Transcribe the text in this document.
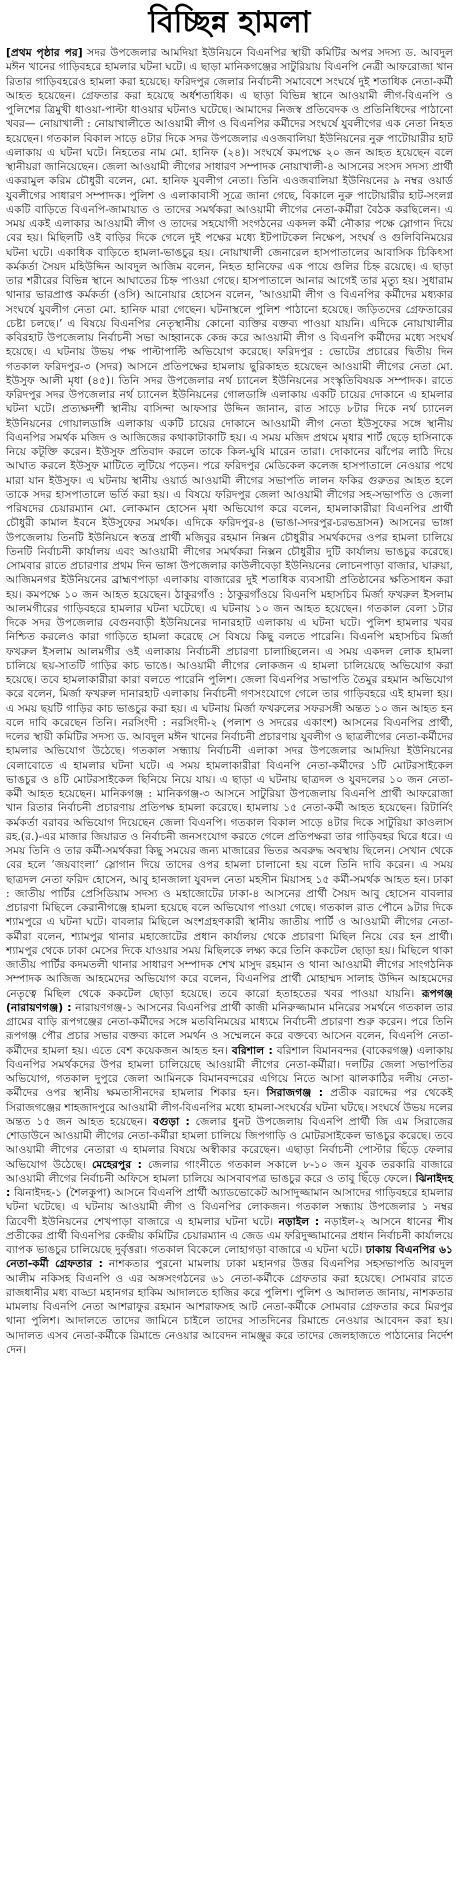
বিচ্ছিন্ন হামলা
[প্রথম পৃষ্ঠার পর] সদর উপজেলার আমদিয়া ইউনিয়নে বিএনপির স্থায়ী কমিটির অপর সদস্য ড. আবদুল মঈন খানের গাড়িবহরে হামলার ঘটনা ঘটে। এ ছাড়া মানিকগঞ্জের সাটুরিয়ায় বিএনপি নেত্রী আফরোজা খান রিতার গাড়িবহরেও হামলা করা হয়েছে। ফরিদপুর জেলার নির্বাচনী সমাবেশে সংঘর্ষে দুই শতাধিক নেতা-কর্মী আহত হয়েছেন। গ্রেফতার করা হয়েছে অর্ধশতাধিক। এ ছাড়া বিভিন্ন স্থানে আওয়ামী লীগ-বিএনপি ও পুলিশের ত্রিমুখী ধাওয়া-পাল্টা ধাওয়ার ঘটনাও ঘটেছে। আমাদের নিজস্ব প্রতিবেদক ও প্রতিনিধিদের পাঠানো খবর— নোয়াখালী : নোয়াখালীতে আওয়ামী লীগ ও বিএনপির কর্মীদের সংঘর্ষে যুবলীগের এক নেতা নিহত হয়েছেন। গতকাল বিকাল সাড়ে ৪টার দিকে সদর উপজেলার এওজবালিয়া ইউনিয়নের নুরু পাটোয়ারীর হাট এলাকায় এ ঘটনা ঘটে। নিহতের নাম মো. হানিফ (২৪)। সংঘর্ষে কমপক্ষে ২০ জন আহত হয়েছেন বলে স্থানীয়রা জানিয়েছেন। জেলা আওয়ামী লীগের সাধারণ সম্পাদক নোয়াখালী-৪ আসনের সংসদ সদস্য প্রার্থী একরামুল করিম চৌধুরী বলেন, মো. হানিফ যুবলীগ নেতা। তিনি এওজবালিয়া ইউনিয়নের ৯ নম্বর ওয়ার্ড যুবলীগের সাধারণ সম্পাদক। পুলিশ ও এলাকাবাসী সূত্রে জানা গেছে, বিকালে নুরু পাটোয়ারীর হাট-সংলগ্ন একটি বাড়িতে বিএনপি-জামায়াত ও তাদের সমর্থকরা আওয়ামী লীগের নেতা-কর্মীরা বৈঠক করছিলেন। এ সময় একই এলাকার আওয়ামী লীগ ও তাদের সহযোগী সংগঠনের একদল কর্মী নৌকার পক্ষে স্লোগান দিয়ে বের হয়। মিছিলটি ওই বাড়ির দিকে গেলে দুই পক্ষের মধ্যে ইটপাটকেল নিক্ষেপ, সংঘর্ষ ও গুলিবিনিময়ের ঘটনা ঘটে। একাধিক বাড়িতে হামলা-ভাঙচুর হয়। নোয়াখালী জেনারেল হাসপাতালের আবাসিক চিকিৎসা কর্মকর্তা সৈয়দ মহিউদ্দিন আবদুল আজিম বলেন, নিহত হানিফের এক পায়ে গুলির চিহ্ন রয়েছে। এ ছাড়া তার শরীরের বিভিন্ন স্থানে আঘাতের চিহ্ন পাওয়া গেছে। হাসপাতালে আনার আগেই তার মৃত্যু হয়। সুধারাম থানার ভারপ্রাপ্ত কর্মকর্তা (ওসি) আনোয়ার হোসেন বলেন, ‘আওয়ামী লীগ ও বিএনপির কর্মীদের মধ্যকার সংঘর্ষে যুবলীগ নেতা মো. হানিফ মারা গেছেন। ঘটনাস্থলে পুলিশ পাঠানো হয়েছে। জড়িতদের গ্রেফতারের চেষ্টা চলছে।’ এ বিষয়ে বিএনপির নেতৃস্থানীয় কোনো ব্যক্তির বক্তব্য পাওয়া যায়নি। এদিকে নোয়াখালীর কবিরহাট উপজেলায় নির্বাচনী সভা আহ্বানকে কেন্দ্র করে আওয়ামী লীগ ও বিএনপি কর্মীদের মধ্যে সংঘর্ষ হয়েছে। এ ঘটনায় উভয় পক্ষ পাল্টাপাল্টি অভিযোগ করেছে। ফরিদপুর : ভোটের প্রচারের দ্বিতীয় দিন গতকাল ফরিদপুর-৩ (সদর) আসনে প্রতিপক্ষের হামলায় ছুরিকাহত হয়েছেন আওয়ামী লীগের নেতা মো. ইউসুফ আলী মৃধা (৪৫)। তিনি সদর উপজেলার নর্থ চ্যানেল ইউনিয়নের সংস্কৃতিবিষয়ক সম্পাদক। রাতে ফরিদপুর সদর উপজেলার নর্থ চ্যানেল ইউনিয়নের গোলডাঙ্গি এলাকায় একটি চায়ের দোকানে এ হামলার ঘটনা ঘটে। প্রত্যক্ষদর্শী স্থানীয় বাসিন্দা আফসার উদ্দিন জানান, রাত সাড়ে ৮টার দিকে নর্থ চ্যানেল ইউনিয়নের গোয়ালডাঙ্গি এলাকায় একটি চায়ের দোকানে আওয়ামী লীগ নেতা ইউসুফের সঙ্গে স্থানীয় বিএনপির সমর্থক মজিদ ও আজিজের কথাকাটাকাটি হয়। এ সময় মজিদ প্রথমে মৃধার শার্ট ছেড়ে হাসিনাকে নিয়ে কটূক্তি করেন। ইউসুফ প্রতিবাদ করলে তাকে কিল-ঘুষি মারেন তারা। দোকানের ঝাঁপের লাঠি দিয়ে আঘাত করলে ইউসুফ মাটিতে লুটিয়ে পড়েন। পরে ফরিদপুর মেডিকেল কলেজ হাসপাতালে নেওয়ার পথে মারা যান ইউসুফ। এ ঘটনায় স্থানীয় ওয়ার্ড আওয়ামী লীগের সভাপতি লালন ফকির গুরুতর আহত হলে তাকে সদর হাসপাতালে ভর্তি করা হয়। এ বিষয়ে ফরিদপুর জেলা আওয়ামী লীগের সহ-সভাপতি ও জেলা পরিষদের চেয়ারম্যান মো. লোকমান হোসেন মৃধা অভিযোগ করে বলেন, হামলাকারীরা বিএনপির প্রার্থী চৌধুরী কামাল ইবনে ইউসুফের সমর্থক। এদিকে ফরিদপুর-৪ (ভাঙা-সদরপুর-চরভদ্রাসন) আসনের ভাঙ্গা উপজেলায় তিনটি ইউনিয়নে স্বতন্ত্র প্রার্থী মজিবুর রহমান নিক্সন চৌধুরীর সমর্থকদের ওপর হামলা চালিয়ে তিনটি নির্বাচনী কার্যালয় এবং আওয়ামী লীগের সমর্থকরা নিক্সন চৌধুরীর দুটি কার্যালয় ভাঙচুর করেছে। সোমবার রাতে প্রচারণার প্রথম দিন ভাঙ্গা উপজেলার কাউলীবেড়া ইউনিয়নের লোচনপাড়া বাজার, ঘারুয়া, আজিমনগর ইউনিয়নের ব্রাহ্মণপাড়া এলাকায় বাজারের দুই শতাধিক ব্যবসায়ী প্রতিষ্ঠানের ক্ষতিসাধন করা হয়। কমপক্ষে ১০ জন আহত হয়েছেন। ঠাকুরগাঁও : ঠাকুরগাঁওয়ে বিএনপি মহাসচিব মির্জা ফখরুল ইসলাম আলমগীরের গাড়িবহরে হামলার ঘটনা ঘটেছে। এ ঘটনায় ১০ জন আহত হয়েছেন। গতকাল বেলা ১টার দিকে সদর উপজেলার বেগুনবাড়ী ইউনিয়নের দানারহাট এলাকায় এ ঘটনা ঘটে। পুলিশ হামলার খবর নিশ্চিত করলেও কারা গাড়িতে হামলা করেছে সে বিষয়ে কিছু বলতে পারেনি। বিএনপি মহাসচিব মির্জা ফখরুল ইসলাম আলমগীর ওই এলাকায় নির্বাচনী প্রচারণা চালাচ্ছিলেন। এ সময় একদল লোক হামলা চালিয়ে ছয়-সাতটি গাড়ির কাচ ভাঙে। আওয়ামী লীগের লোকজন এ হামলা চালিয়েছে অভিযোগ করা হয়েছে। তবে হামলাকারীরা কারা বলতে পারেনি পুলিশ। জেলা বিএনপির সভাপতি তৈমুর রহমান অভিযোগ করে বলেন, মির্জা ফখরুল দানারহাট এলাকায় নির্বাচনী গণসংযোগে গেলে তার গাড়িবহরে এই হামলা হয়। এ সময় ছয়টি গাড়ির কাচ ভাঙচুর করা হয়। এ ঘটনায় মির্জা ফখরুলের সফরসঙ্গী অন্তত ১০ জন আহত হন বলে দাবি করেছেন তিনি। নরসিংদী : নরসিংদী-২ (পলাশ ও সদরের একাংশ) আসনের বিএনপির প্রার্থী, দলের স্থায়ী কমিটির সদস্য ড. আবদুল মঈন খানের নির্বাচনী প্রচারণায় যুবলীগ ও ছাত্রলীগের নেতা-কর্মীদের হামলার অভিযোগ উঠেছে। গতকাল সন্ধ্যায় নির্বাচনী এলাকা সদর উপজেলার আমদিয়া ইউনিয়নের বেলাবোতে এ হামলার ঘটনা ঘটে। এ সময় হামলাকারীরা বিএনপি নেতা-কর্মীদের ১টি মোটরসাইকেল ভাঙচুর ও ৪টি মোটরসাইকেল ছিনিয়ে নিয়ে যায়। এ ছাড়া এ ঘটনায় ছাত্রদল ও যুবদলের ১০ জন নেতা-কর্মী আহত হয়েছেন। মানিকগঞ্জ : মানিকগঞ্জ-৩ আসনে সাটুরিয়া উপজেলায় বিএনপি প্রার্থী আফরোজা খান রিতার নির্বাচনী প্রচারণায় প্রতিপক্ষ হামলা করেছে। হামলায় ১৫ নেতা-কর্মী আহত হয়েছেন। রিটার্নিং কর্মকর্তা বরাবর অভিযোগ দিয়েছেন জেলা বিএনপি। গতকাল বিকাল সাড়ে ৪টার দিকে সাটুরিয়া কাওলাস রহ.(র.)-এর মাজার জিয়ারত ও নির্বাচনী জনসংযোগ করতে গেলে প্রতিপক্ষরা তার গাড়িবহর ঘিরে ধরে। এ সময় তিনি ও তার কর্মী-সমর্থকরা কিছু সময়ের জন্য মাজারের ভিতর অবরুদ্ধ অবস্থায় ছিলেন। সেখান থেকে বের হলে ‘জয়বাংলা’ স্লোগান দিয়ে তাদের ওপর হামলা চালানো হয় বলে তিনি দাবি করেন। এ সময় ছাত্রদল নেতা ফরিদ হোসেন, আবু হানজালা যুবদল নেতা মহসীন মিয়াসহ ১৫ কর্মী-সমর্থক আহত হন। ঢাকা : জাতীয় পার্টির প্রেসিডিয়াম সদস্য ও মহাজোটের ঢাকা-৪ আসনের প্রার্থী সৈয়দ আবু হোসেন বাবলার প্রচারণা মিছিলে কেরানীগঞ্জে হামলা হয়েছে বলে অভিযোগ পাওয়া গেছে। গতকাল রাত পৌনে ৯টার দিকে শ্যামপুরে এ ঘটনা ঘটে। বাবলার মিছিলে অংশগ্রহণকারী স্থানীয় জাতীয় পার্টি ও আওয়ামী লীগের নেতা-কর্মীরা বলেন, শ্যামপুর থানার মহাজোটের প্রধান কার্যালয় থেকে প্রচারণা মিছিল নিয়ে বের হন প্রার্থী। শ্যামপুর থেকে ঢাকা মেসের দিকে যাওয়ার সময় মিছিলকে লক্ষ্য করে তিনি ককটেল ছোড়া হয়। মিছিলে থাকা জাতীয় পার্টির কদমতলী থানার সাধারণ সম্পাদক শেখ মাসুদ রহমান ও থানা আওয়ামী লীগের সাংগঠনিক সম্পাদক আজিজ আহমেদের অভিযোগ করে বলেন, বিএনপির প্রার্থী মোহাম্মদ সালাহ উদ্দিন আহমেদের নেতৃত্বে মিছিল থেকে ককটেল ছোড়া হয়েছে। তবে কারো হতাহতের খবর পাওয়া যায়নি। রূপগঞ্জ (নারায়ণগঞ্জ) : নারায়ণগঞ্জ-১ আসনের বিএনপির প্রার্থী কাজী মনিরুজ্জামান মনিরের সমর্থনে গতকাল তার গ্রামের বাড়ি রূপগঞ্জের নেতা-কর্মীদের সঙ্গে মতবিনিময়ের মাধ্যমে নির্বাচনী প্রচারণা শুরু করেন। পরে তিনি রূপগঞ্জ পৌর প্রচার সভার বক্তব্য কালে সমর্থন ও সম্মেলনে করে বক্তব্যে আসেন বলেন, বিএনপি নেতা-কর্মীদের হামলা হয়। এতে বেশ কয়েকজন আহত হন। বরিশাল : বরিশাল বিমানবন্দর (বাকেরগঞ্জ) এলাকায় বিএনপির সমর্থকদের উপর হামলা চালিয়েছে আওয়ামী লীগের নেতা-কর্মীরা। দলটির জেলা সভাপতির অভিযোগ, গতকাল দুপুরে জেলা আমিনকে বিমানবন্দরের এগিয়ে নিতে আসা ঝালকাঠির দলীয় নেতা-কর্মীদের ওপর স্থানীয় ক্ষমতাসীনদের হামলার শিকার হন। সিরাজগঞ্জ : প্রতীক বরাদ্দের পর থেকেই সিরাজগঞ্জের শাহজাদপুরে আওয়ামী লীগ-বিএনপির মধ্যে হামলা-সংঘর্ষের ঘটনা ঘটছে। সংঘর্ষে উভয় দলের অন্তত ১৫ জন আহত হয়েছেন। বগুড়া : জেলার ধুনট উপজেলায় বিএনপি প্রার্থী জি এম সিরাজের শোডাউনে আওয়ামী লীগের নেতা-কর্মীরা হামলা চালিয়ে জিপগাড়ি ও মোটরসাইকেল ভাঙচুর করেছে। তবে আওয়ামী লীগের নেতারা এ হামলার বিষয়ে অস্বীকার করেছেন। এছাড়া নির্বাচনী পোস্টার ছিঁড়ে ফেলার অভিযোগ উঠেছে। মেহেরপুর : জেলার গাংনীতে গতকাল সকালে ৮-১০ জন যুবক তরকারি বাজারে আওয়ামী লীগের নির্বাচনী অফিসে হামলা চালিয়ে আসবাবপত্র ভাঙচুর করে ও তাবু ছিঁড়ে ফেলে। ঝিনাইদহ : ঝিনাইদহ-১ (শৈলকুপা) আসনে বিএনপি প্রার্থী অ্যাডভোকেট আসাদুজ্জামান আসাদের গাড়িবহরে হামলার ঘটনা ঘটেছে। এ ঘটনায় আওয়ামী লীগ ও বিএনপির লোকজন। গতকাল সন্ধ্যায় উপজেলার ১ নম্বর ত্রিবেণী ইউনিয়নের শেখপাড়া বাজারে এ হামলার ঘটনা ঘটে। নড়াইল : নড়াইল-২ আসনে ধানের শীষ প্রতীকের প্রার্থী বিএনপির কেন্দ্রীয় কমিটির চেয়ারম্যান এ জেড এম ফরিদুজ্জামানের প্রধান নির্বাচনী কার্যালয়ে ব্যাপক ভাঙচুর চালিয়েছে দুর্বৃত্তরা। গতকাল বিকেলে লোহাগড়া বাজারে এ ঘটনা ঘটে। ঢাকায় বিএনপির ৬১ নেতা-কর্মী গ্রেফতার : নাশকতার পুরনো মামলায় ঢাকা মহানগর উত্তর বিএনপির সহসভাপতি আবদুল আলীম নকিসহ বিএনপি ও এর অঙ্গসংগঠনের ৬১ নেতা-কর্মীকে গ্রেফতার করা হয়েছে। সোমবার রাতে রাজধানীর মধ্য বাড্ডা মহানগর হাকিম আদালতে হাজির করে পুলিশ। পুলিশ ও আদালত জানায়, নাশকতার মামলায় বিএনপি নেতা আশরাফুর রহমান আশরাফসহ আট নেতা-কর্মীকে সোমবার গ্রেফতার করে মিরপুর থানা পুলিশ। আদালতে তাদের জামিনে চাইলে তাদের সাতদিনের রিমান্ডে নেওয়ার আবেদন করা হয়। আদালত এসব নেতা-কর্মীকে রিমান্ডে নেওয়ার আবেদন নামঞ্জুর করে তাদের জেলহাজতে পাঠানোর নির্দেশ দেন।
